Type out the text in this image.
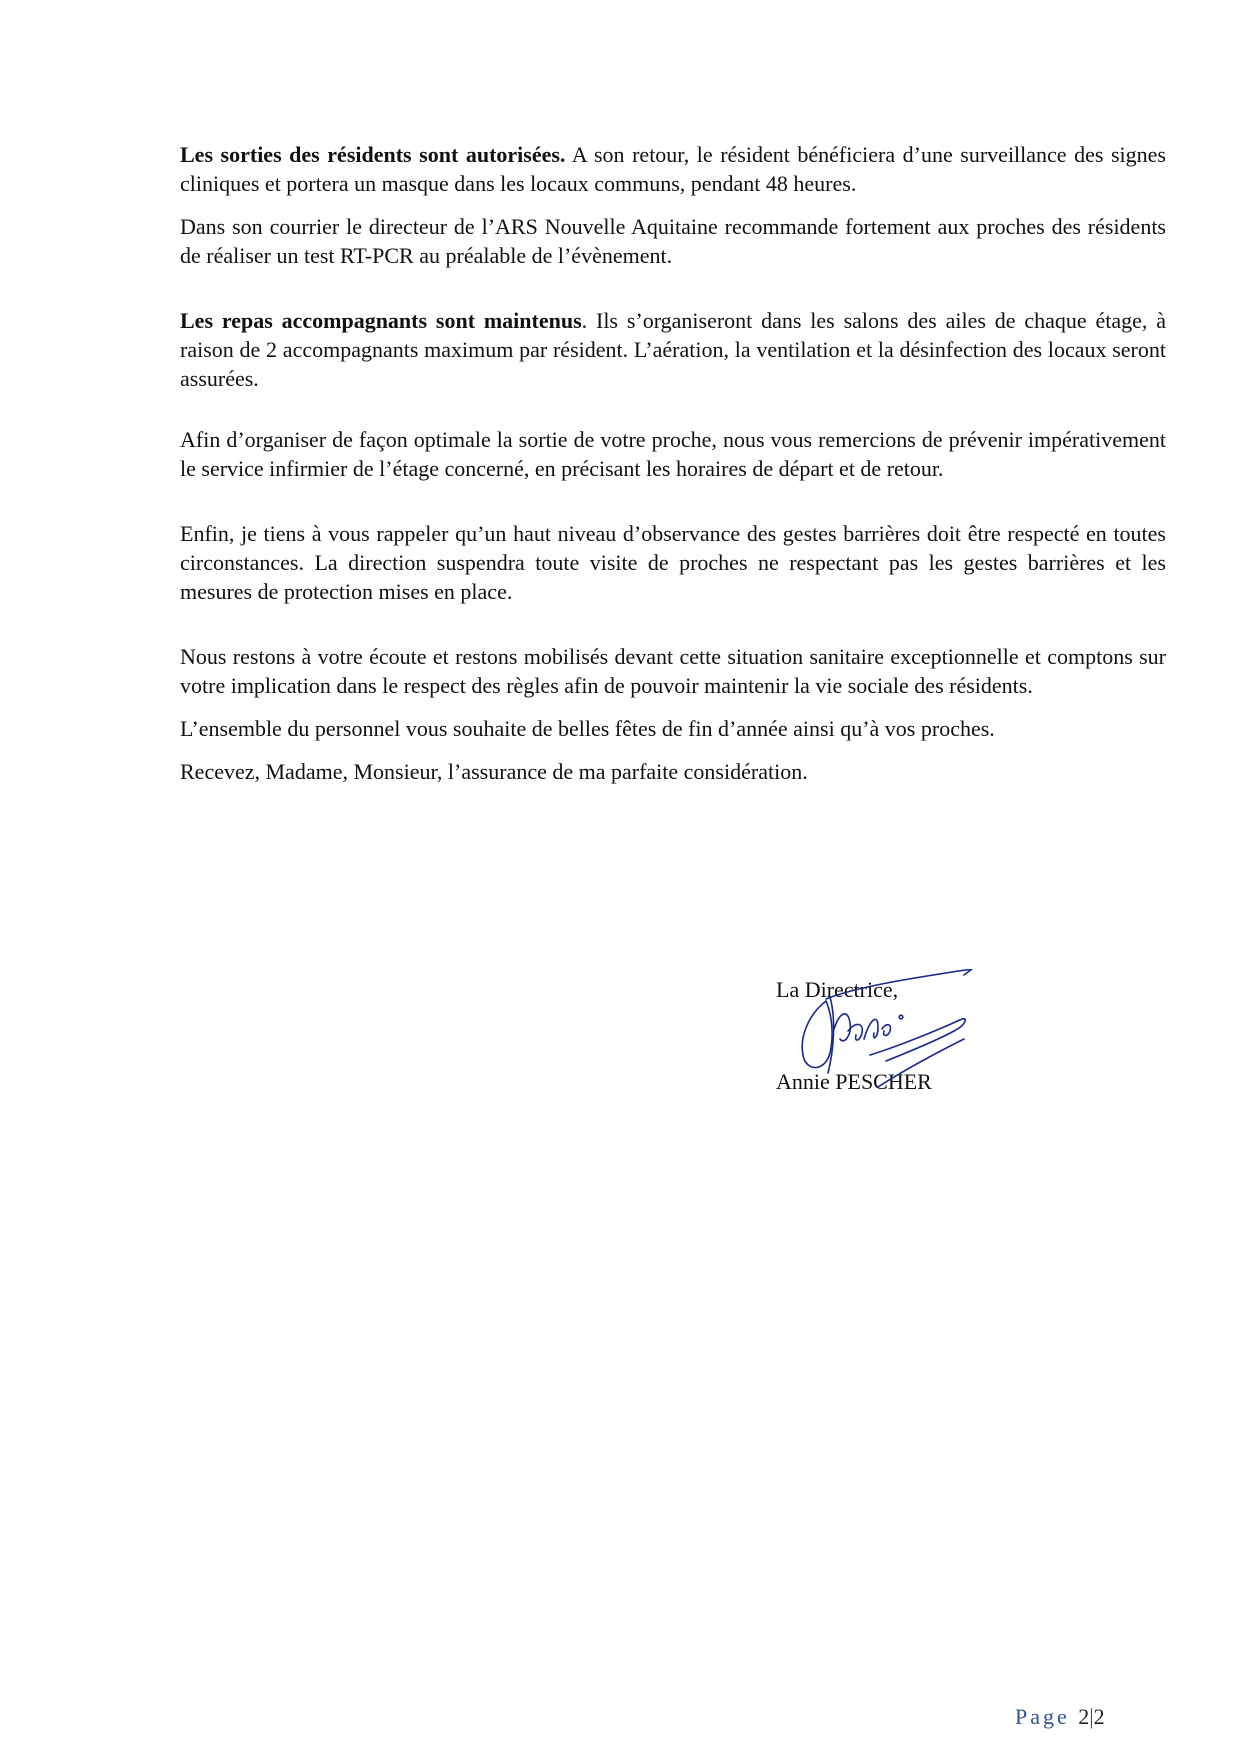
Les sorties des résidents sont autorisées. A son retour, le résident bénéficiera d’une surveillance des signes cliniques et portera un masque dans les locaux communs, pendant 48 heures.

Dans son courrier le directeur de l’ARS Nouvelle Aquitaine recommande fortement aux proches des résidents de réaliser un test RT-PCR au préalable de l’évènement.

Les repas accompagnants sont maintenus. Ils s’organiseront dans les salons des ailes de chaque étage, à raison de 2 accompagnants maximum par résident. L’aération, la ventilation et la désinfection des locaux seront assurées.

Afin d’organiser de façon optimale la sortie de votre proche, nous vous remercions de prévenir impérativement le service infirmier de l’étage concerné, en précisant les horaires de départ et de retour.

Enfin, je tiens à vous rappeler qu’un haut niveau d’observance des gestes barrières doit être respecté en toutes circonstances. La direction suspendra toute visite de proches ne respectant pas les gestes barrières et les mesures de protection mises en place.

Nous restons à votre écoute et restons mobilisés devant cette situation sanitaire exceptionnelle et comptons sur votre implication dans le respect des règles afin de pouvoir maintenir la vie sociale des résidents.

L’ensemble du personnel vous souhaite de belles fêtes de fin d’année ainsi qu’à vos proches.

Recevez, Madame, Monsieur, l’assurance de ma parfaite considération.

La Directrice,
Annie PESCHER
Page 2|2
